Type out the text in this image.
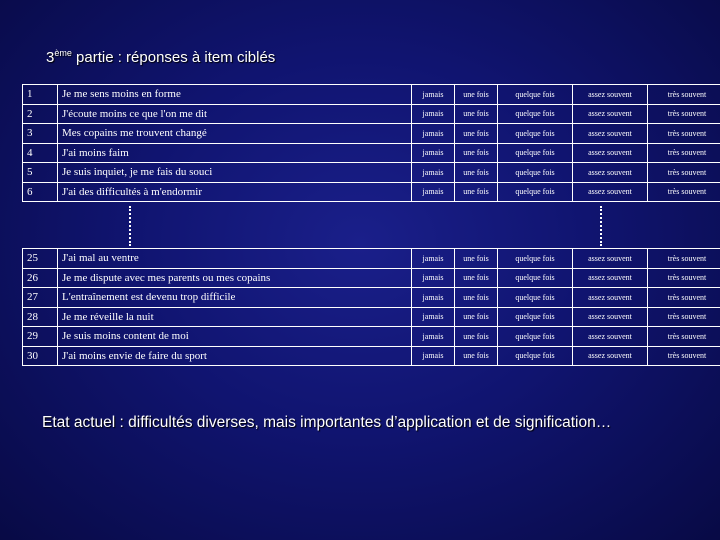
3ème partie : réponses à item ciblés
1	Je me sens moins en forme	jamais	une fois	quelque fois	assez souvent	très souvent
2	J'écoute moins ce que l'on me dit	jamais	une fois	quelque fois	assez souvent	très souvent
3	Mes copains me trouvent changé	jamais	une fois	quelque fois	assez souvent	très souvent
4	J'ai moins faim	jamais	une fois	quelque fois	assez souvent	très souvent
5	Je suis inquiet, je me fais du souci	jamais	une fois	quelque fois	assez souvent	très souvent
6	J'ai des difficultés à m'endormir	jamais	une fois	quelque fois	assez souvent	très souvent
25	J'ai mal au ventre	jamais	une fois	quelque fois	assez souvent	très souvent
26	Je me dispute avec mes parents ou mes copains	jamais	une fois	quelque fois	assez souvent	très souvent
27	L'entraînement est devenu trop difficile	jamais	une fois	quelque fois	assez souvent	très souvent
28	Je me réveille la nuit	jamais	une fois	quelque fois	assez souvent	très souvent
29	Je suis moins content de moi	jamais	une fois	quelque fois	assez souvent	très souvent
30	J'ai moins envie de faire du sport	jamais	une fois	quelque fois	assez souvent	très souvent
Etat actuel : difficultés diverses, mais importantes d’application et de signification…
